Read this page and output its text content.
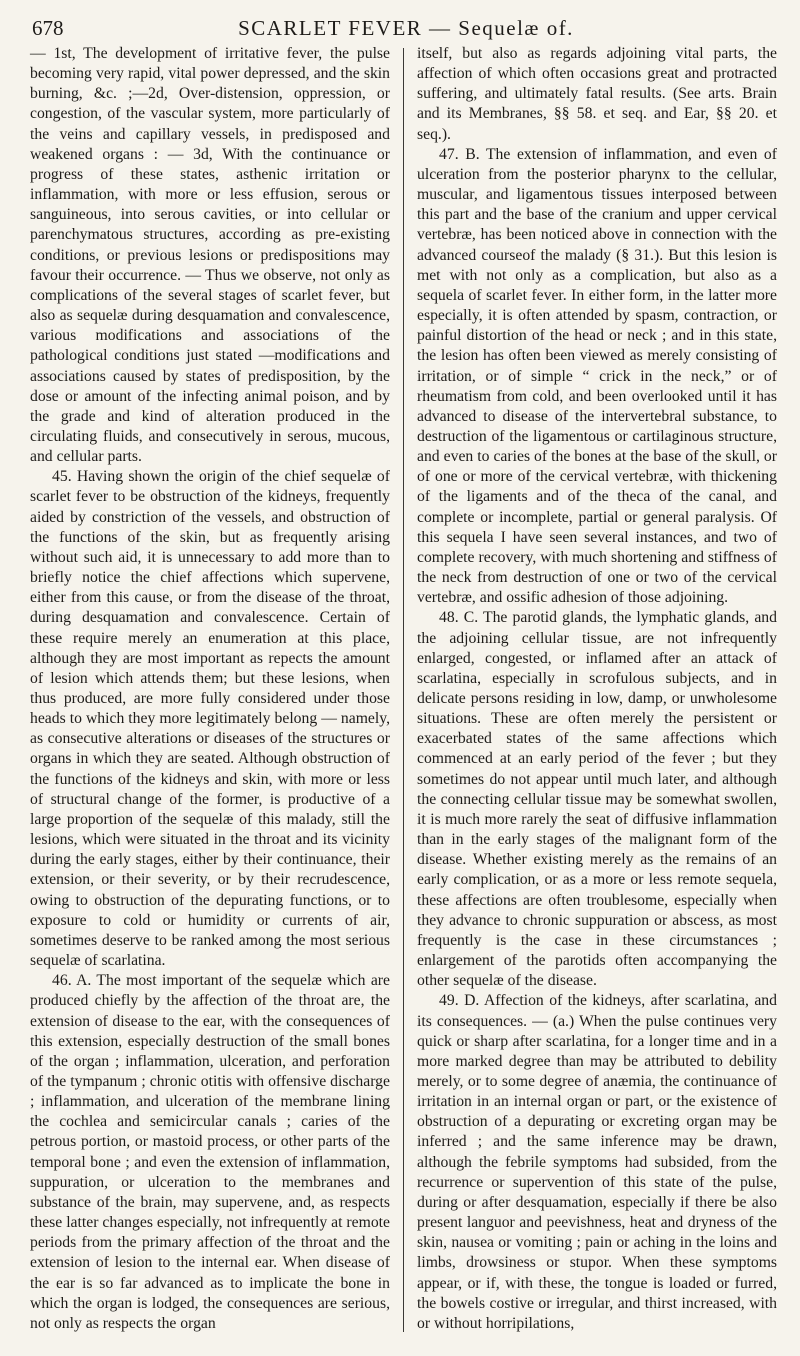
678	SCARLET FEVER — Sequelæ of.

— 1st, The development of irritative fever, the pulse becoming very rapid, vital power depressed, and the skin burning, &c. ;—2d, Over-distension, oppression, or congestion, of the vascular system, more particularly of the veins and capillary vessels, in predisposed and weakened organs : — 3d, With the continuance or progress of these states, asthenic irritation or inflammation, with more or less effusion, serous or sanguineous, into serous cavities, or into cellular or parenchymatous structures, according as pre-existing conditions, or previous lesions or predispositions may favour their occurrence. — Thus we observe, not only as complications of the several stages of scarlet fever, but also as sequelæ during desquamation and convalescence, various modifications and associations of the pathological conditions just stated —modifications and associations caused by states of predisposition, by the dose or amount of the infecting animal poison, and by the grade and kind of alteration produced in the circulating fluids, and consecutively in serous, mucous, and cellular parts.

45. Having shown the origin of the chief sequelæ of scarlet fever to be obstruction of the kidneys, frequently aided by constriction of the vessels, and obstruction of the functions of the skin, but as frequently arising without such aid, it is unnecessary to add more than to briefly notice the chief affections which supervene, either from this cause, or from the disease of the throat, during desquamation and convalescence. Certain of these require merely an enumeration at this place, although they are most important as repects the amount of lesion which attends them; but these lesions, when thus produced, are more fully considered under those heads to which they more legitimately belong — namely, as consecutive alterations or diseases of the structures or organs in which they are seated. Although obstruction of the functions of the kidneys and skin, with more or less of structural change of the former, is productive of a large proportion of the sequelæ of this malady, still the lesions, which were situated in the throat and its vicinity during the early stages, either by their continuance, their extension, or their severity, or by their recrudescence, owing to obstruction of the depurating functions, or to exposure to cold or humidity or currents of air, sometimes deserve to be ranked among the most serious sequelæ of scarlatina.

46. A. The most important of the sequelæ which are produced chiefly by the affection of the throat are, the extension of disease to the ear, with the consequences of this extension, especially destruction of the small bones of the organ ; inflammation, ulceration, and perforation of the tympanum ; chronic otitis with offensive discharge ; inflammation, and ulceration of the membrane lining the cochlea and semicircular canals ; caries of the petrous portion, or mastoid process, or other parts of the temporal bone ; and even the extension of inflammation, suppuration, or ulceration to the membranes and substance of the brain, may supervene, and, as respects these latter changes especially, not infrequently at remote periods from the primary affection of the throat and the extension of lesion to the internal ear. When disease of the ear is so far advanced as to implicate the bone in which the organ is lodged, the consequences are serious, not only as respects the organ

itself, but also as regards adjoining vital parts, the affection of which often occasions great and protracted suffering, and ultimately fatal results. (See arts. Brain and its Membranes, §§ 58. et seq. and Ear, §§ 20. et seq.).

47. B. The extension of inflammation, and even of ulceration from the posterior pharynx to the cellular, muscular, and ligamentous tissues interposed between this part and the base of the cranium and upper cervical vertebræ, has been noticed above in connection with the advanced courseof the malady (§ 31.). But this lesion is met with not only as a complication, but also as a sequela of scarlet fever. In either form, in the latter more especially, it is often attended by spasm, contraction, or painful distortion of the head or neck ; and in this state, the lesion has often been viewed as merely consisting of irritation, or of simple “ crick in the neck,” or of rheumatism from cold, and been overlooked until it has advanced to disease of the intervertebral substance, to destruction of the ligamentous or cartilaginous structure, and even to caries of the bones at the base of the skull, or of one or more of the cervical vertebræ, with thickening of the ligaments and of the theca of the canal, and complete or incomplete, partial or general paralysis. Of this sequela I have seen several instances, and two of complete recovery, with much shortening and stiffness of the neck from destruction of one or two of the cervical vertebræ, and ossific adhesion of those adjoining.

48. C. The parotid glands, the lymphatic glands, and the adjoining cellular tissue, are not infrequently enlarged, congested, or inflamed after an attack of scarlatina, especially in scrofulous subjects, and in delicate persons residing in low, damp, or unwholesome situations. These are often merely the persistent or exacerbated states of the same affections which commenced at an early period of the fever ; but they sometimes do not appear until much later, and although the connecting cellular tissue may be somewhat swollen, it is much more rarely the seat of diffusive inflammation than in the early stages of the malignant form of the disease. Whether existing merely as the remains of an early complication, or as a more or less remote sequela, these affections are often troublesome, especially when they advance to chronic suppuration or abscess, as most frequently is the case in these circumstances ; enlargement of the parotids often accompanying the other sequelæ of the disease.

49. D. Affection of the kidneys, after scarlatina, and its consequences. — (a.) When the pulse continues very quick or sharp after scarlatina, for a longer time and in a more marked degree than may be attributed to debility merely, or to some degree of anæmia, the continuance of irritation in an internal organ or part, or the existence of obstruction of a depurating or excreting organ may be inferred ; and the same inference may be drawn, although the febrile symptoms had subsided, from the recurrence or supervention of this state of the pulse, during or after desquamation, especially if there be also present languor and peevishness, heat and dryness of the skin, nausea or vomiting ; pain or aching in the loins and limbs, drowsiness or stupor. When these symptoms appear, or if, with these, the tongue is loaded or furred, the bowels costive or irregular, and thirst increased, with or without horripilations,
